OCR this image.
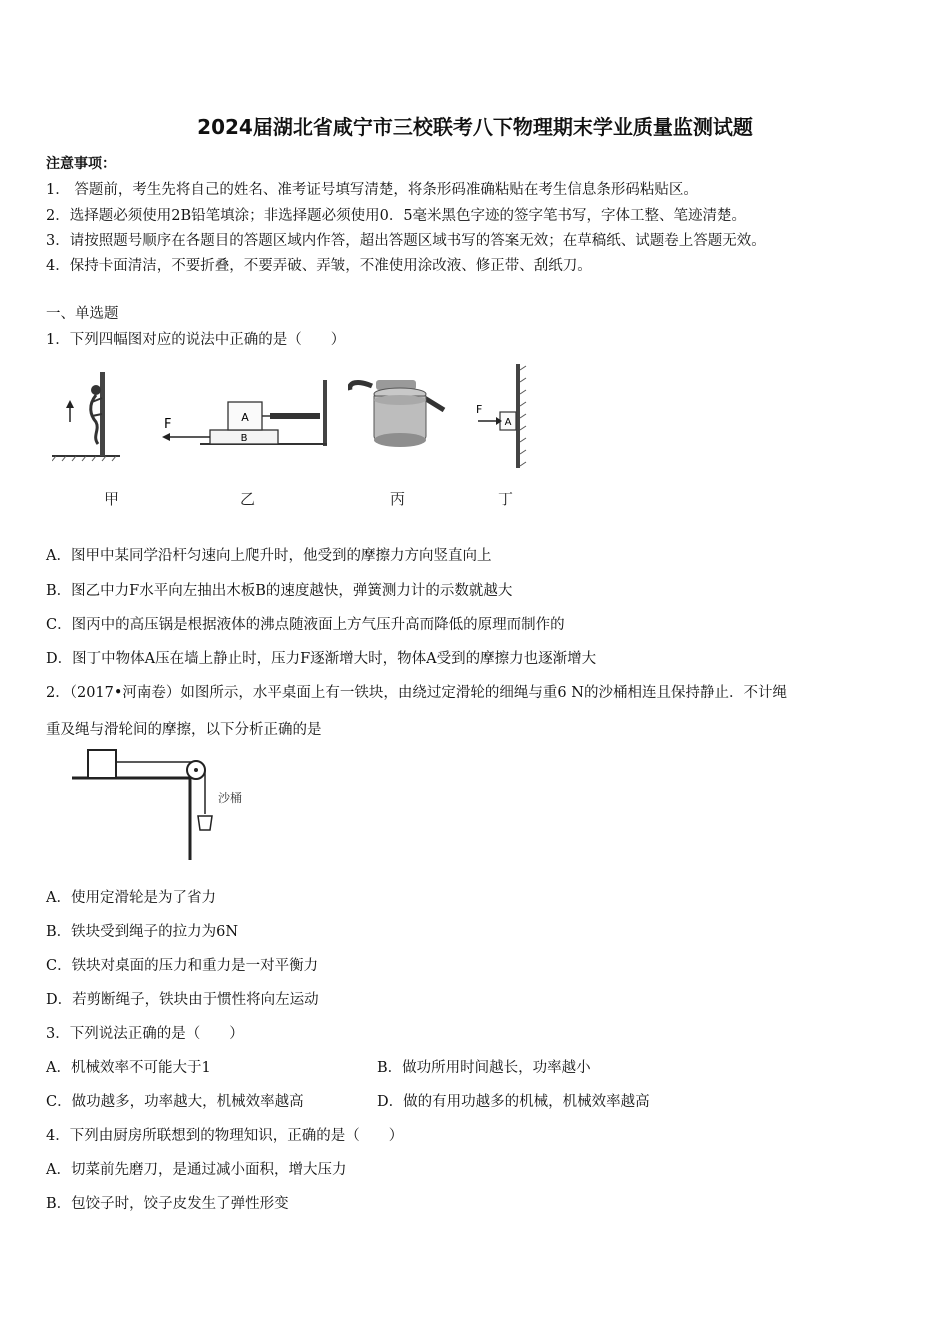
2024届湖北省咸宁市三校联考八下物理期末学业质量监测试题
注意事项：
1． 答题前，考生先将自己的姓名、准考证号填写清楚，将条形码准确粘贴在考生信息条形码粘贴区。
2．选择题必须使用2B铅笔填涂；非选择题必须使用0．5毫米黑色字迹的签字笔书写，字体工整、笔迹清楚。
3．请按照题号顺序在各题目的答题区域内作答，超出答题区域书写的答案无效；在草稿纸、试题卷上答题无效。
4．保持卡面清洁，不要折叠，不要弄破、弄皱，不准使用涂改液、修正带、刮纸刀。
一、单选题
1．下列四幅图对应的说法中正确的是（　　）
A
B
F	A
F
甲	乙	丙	丁
A．图甲中某同学沿杆匀速向上爬升时，他受到的摩擦力方向竖直向上
B．图乙中力F水平向左抽出木板B的速度越快，弹簧测力计的示数就越大
C．图丙中的高压锅是根据液体的沸点随液面上方气压升高而降低的原理而制作的
D．图丁中物体A压在墙上静止时，压力F逐渐增大时，物体A受到的摩擦力也逐渐增大
2．（2017•河南卷）如图所示，水平桌面上有一铁块，由绕过定滑轮的细绳与重6 N的沙桶相连且保持静止．不计绳
重及绳与滑轮间的摩擦，以下分析正确的是
沙桶
A．使用定滑轮是为了省力
B．铁块受到绳子的拉力为6N
C．铁块对桌面的压力和重力是一对平衡力
D．若剪断绳子，铁块由于惯性将向左运动
3．下列说法正确的是（　　）
A．机械效率不可能大于1	B．做功所用时间越长，功率越小
C．做功越多，功率越大，机械效率越高	D．做的有用功越多的机械，机械效率越高
4．下列由厨房所联想到的物理知识，正确的是（　　）
A．切菜前先磨刀，是通过减小面积，增大压力
B．包饺子时，饺子皮发生了弹性形变
